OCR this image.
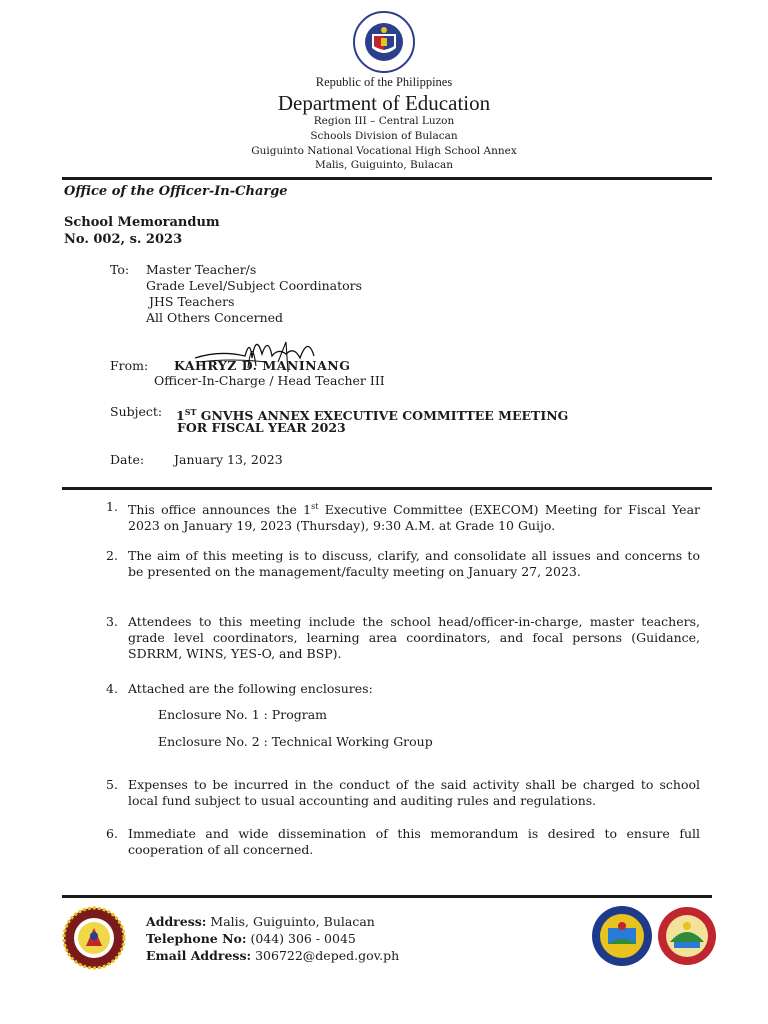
Republic of the Philippines
Department of Education
Region III – Central Luzon
Schools Division of Bulacan
Guiguinto National Vocational High School Annex
Malis, Guiguinto, Bulacan
Office of the Officer-In-Charge
School Memorandum
No. 002, s. 2023
To: Master Teacher/s
Grade Level/Subject Coordinators
JHS Teachers
All Others Concerned
From: KAHRYZ D. MANINANG
Officer-In-Charge / Head Teacher III
Subject: 1ST GNVHS ANNEX EXECUTIVE COMMITTEE MEETING
FOR FISCAL YEAR 2023
Date: January 13, 2023
1. This office announces the 1st Executive Committee (EXECOM) Meeting for Fiscal Year 2023 on January 19, 2023 (Thursday), 9:30 A.M. at Grade 10 Guijo.
2. The aim of this meeting is to discuss, clarify, and consolidate all issues and concerns to be presented on the management/faculty meeting on January 27, 2023.
3. Attendees to this meeting include the school head/officer-in-charge, master teachers, grade level coordinators, learning area coordinators, and focal persons (Guidance, SDRRM, WINS, YES-O, and BSP).
4. Attached are the following enclosures:
Enclosure No. 1 : Program
Enclosure No. 2 : Technical Working Group
5. Expenses to be incurred in the conduct of the said activity shall be charged to school local fund subject to usual accounting and auditing rules and regulations.
6. Immediate and wide dissemination of this memorandum is desired to ensure full cooperation of all concerned.
Address: Malis, Guiguinto, Bulacan
Telephone No: (044) 306 - 0045
Email Address: 306722@deped.gov.ph
